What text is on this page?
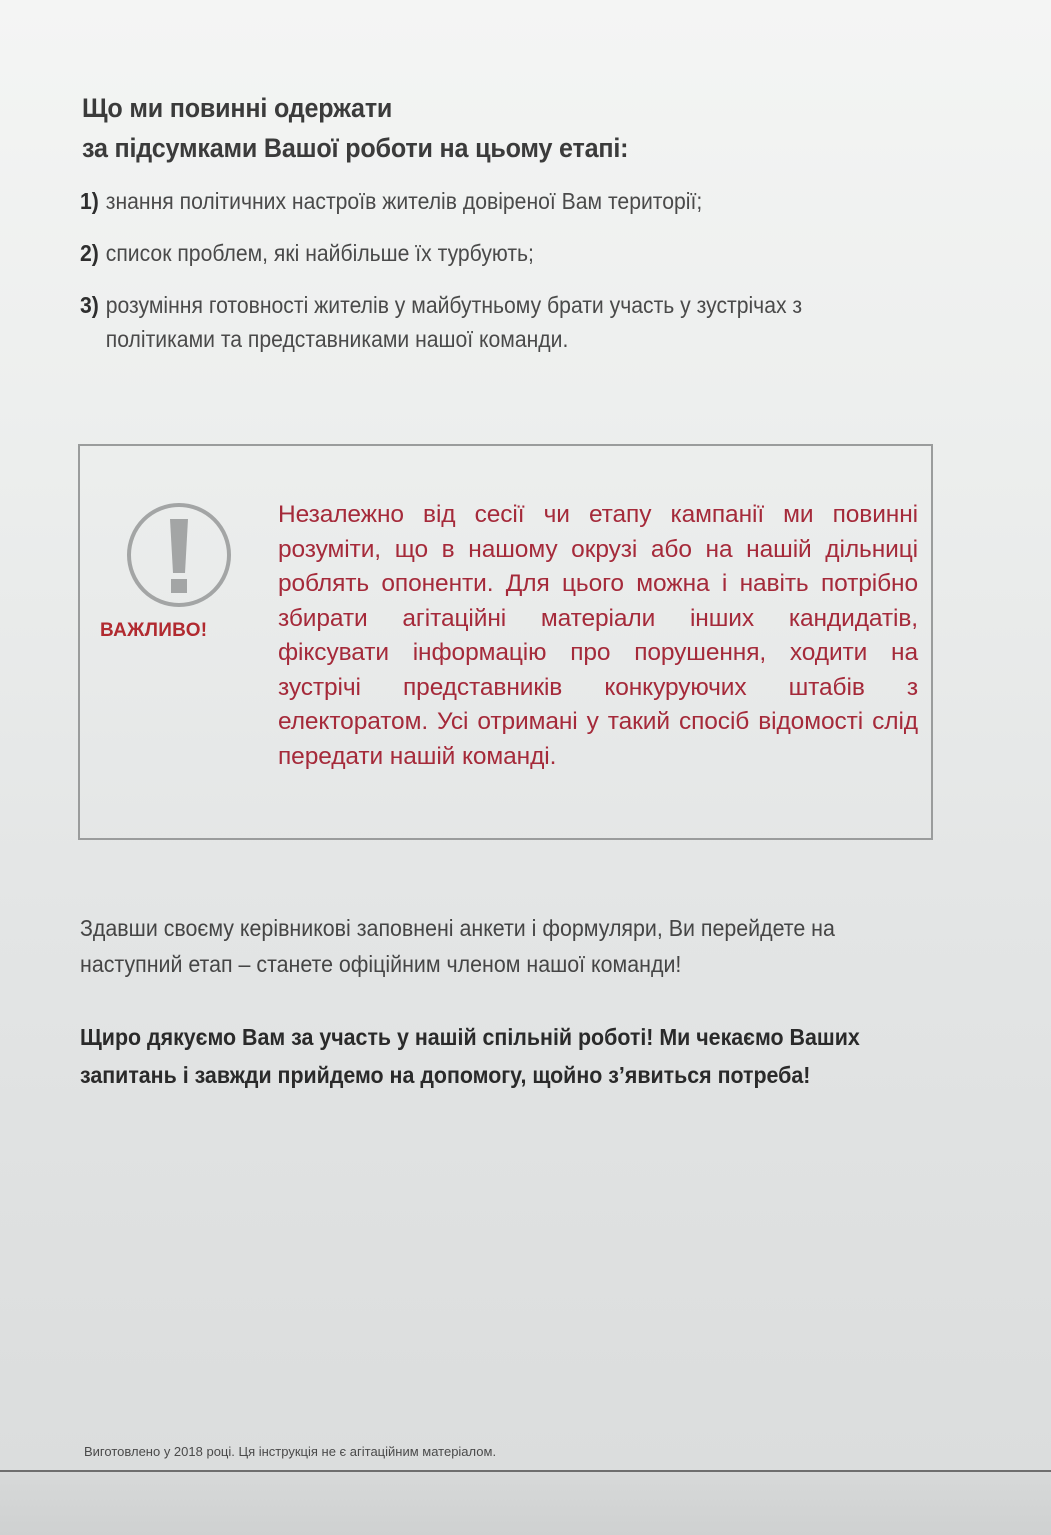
Що ми повинні одержати
за підсумками Вашої роботи на цьому етапі:
1) знання політичних настроїв жителів довіреної Вам території;
2) список проблем, які найбільше їх турбують;
3) розуміння готовності жителів у майбутньому брати участь у зустрічах з політиками та представниками нашої команди.
ВАЖЛИВО!
Незалежно від сесії чи етапу кампанії ми повинні розуміти, що в нашому окрузі або на нашій дільниці роблять опоненти. Для цього можна і навіть потрібно збирати агітаційні матеріали інших кандидатів, фіксувати інформацію про порушення, ходити на зустрічі представників конкуруючих штабів з електоратом. Усі отримані у такий спосіб відомості слід передати нашій команді.
Здавши своєму керівникові заповнені анкети і формуляри, Ви перейдете на наступний етап – станете офіційним членом нашої команди!
Щиро дякуємо Вам за участь у нашій спільній роботі! Ми чекаємо Ваших запитань і завжди прийдемо на допомогу, щойно з’явиться потреба!
Виготовлено у 2018 році. Ця інструкція не є агітаційним матеріалом.
